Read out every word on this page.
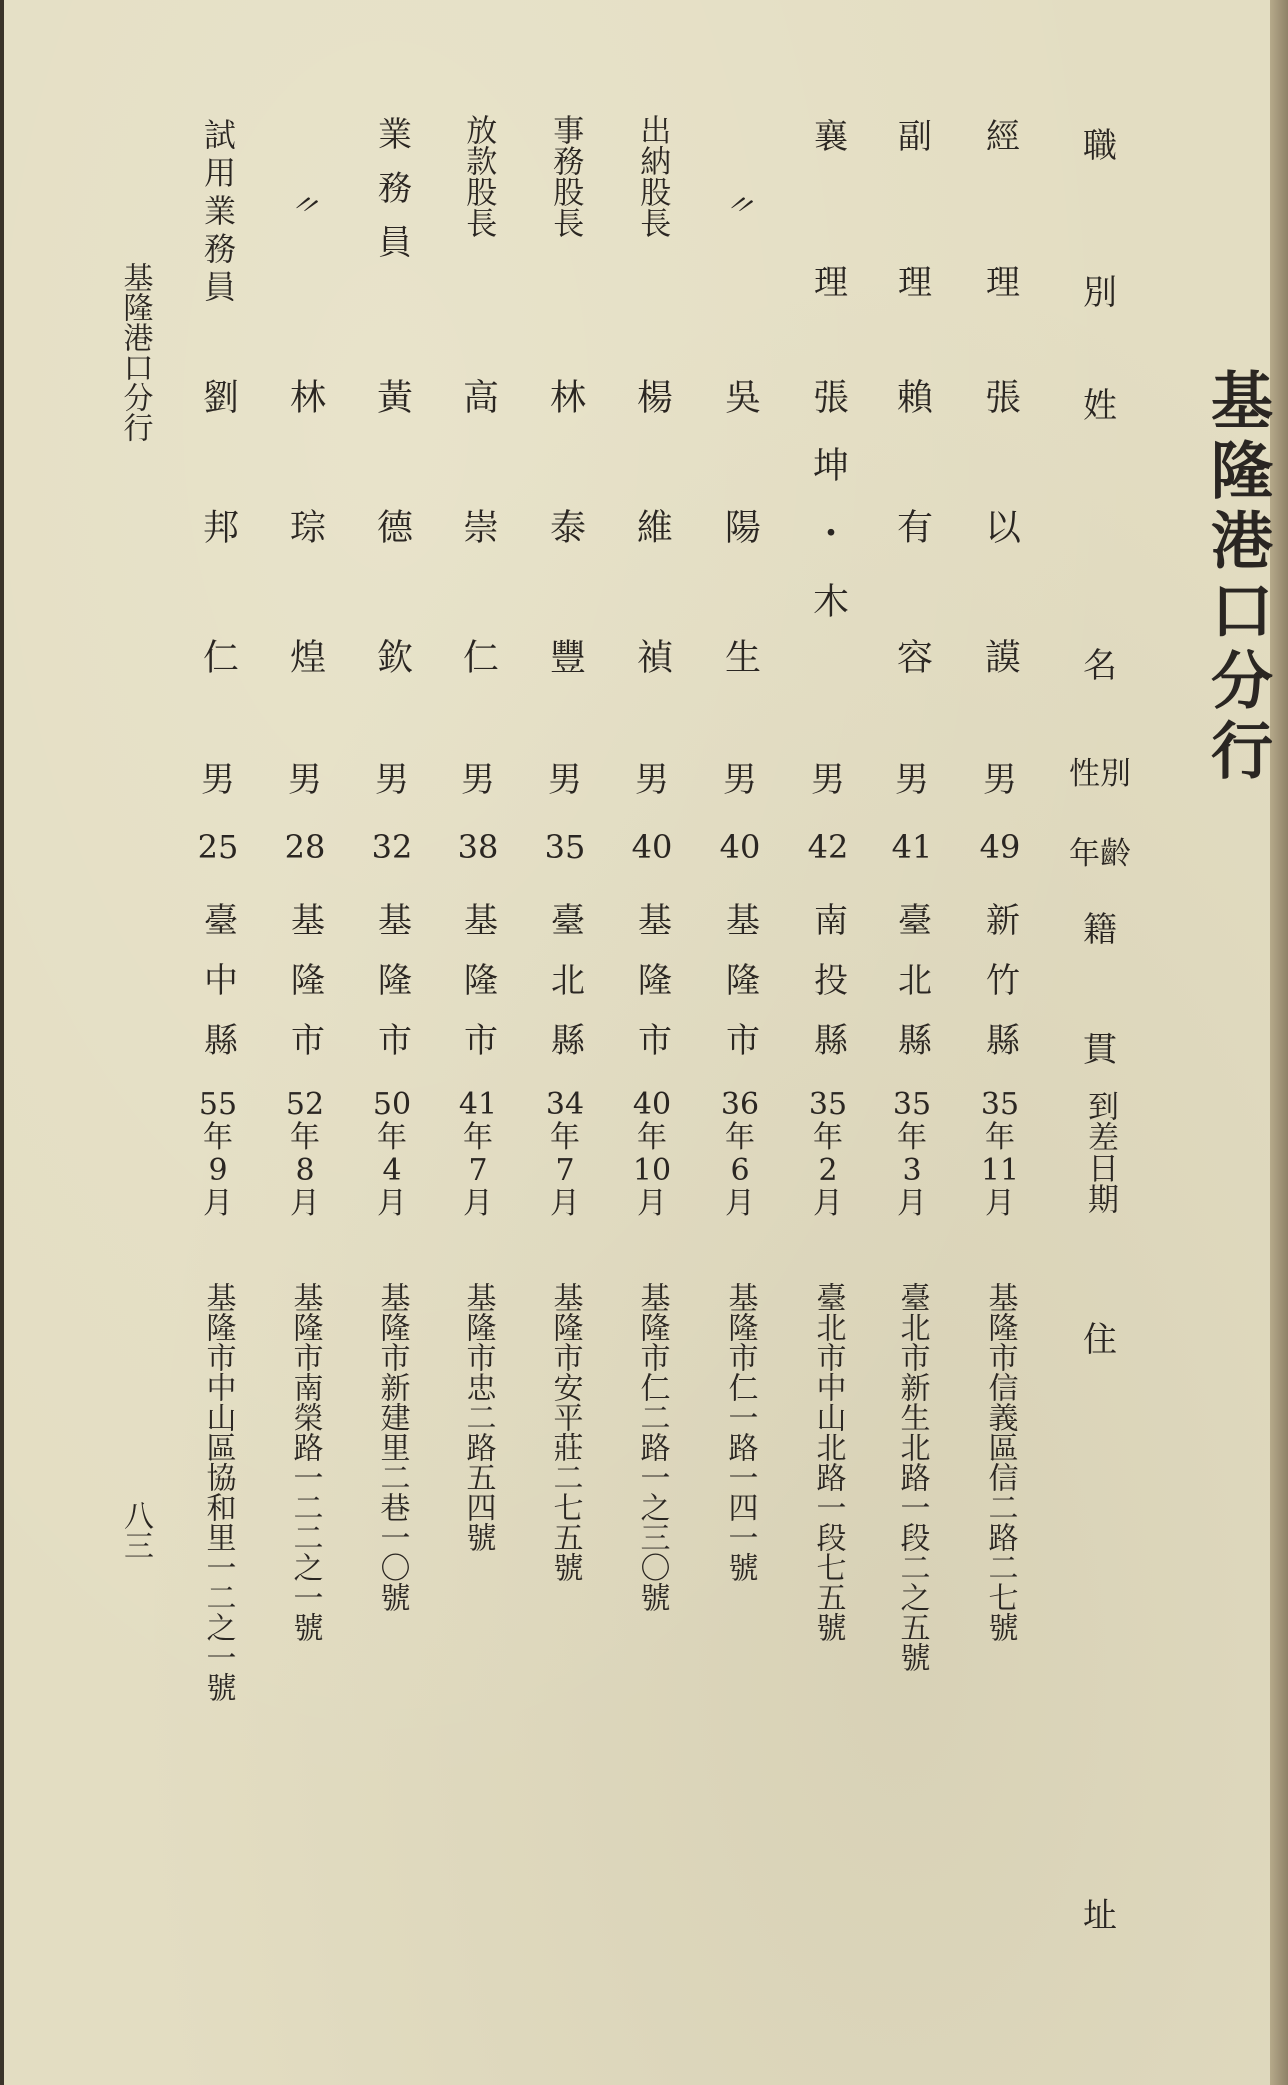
基隆港口分行
職
別
姓
名
性別
年齡
籍
貫
到差日期
住
址
經理
張以謨
男
49
新竹縣
35
年
11
月
基隆市信義區信二路二七號
副理
賴有容
男
41
臺北縣
35
年
3
月
臺北市新生北路一段二之五號
襄理
張坤・木
男
42
南投縣
35
年
2
月
臺北市中山北路一段七五號
〃
吳陽生
男
40
基隆市
36
年
6
月
基隆市仁一路一四一號
出納股長
楊維禎
男
40
基隆市
40
年
10
月
基隆市仁二路一之三〇號
事務股長
林泰豐
男
35
臺北縣
34
年
7
月
基隆市安平莊二七五號
放款股長
高崇仁
男
38
基隆市
41
年
7
月
基隆市忠二路五四號
業務員
黃德欽
男
32
基隆市
50
年
4
月
基隆市新建里二巷一〇號
〃
林琮煌
男
28
基隆市
52
年
8
月
基隆市南榮路一二二之一號
試用業務員
劉邦仁
男
25
臺中縣
55
年
9
月
基隆市中山區協和里一二之一號
基隆港口分行
八三
